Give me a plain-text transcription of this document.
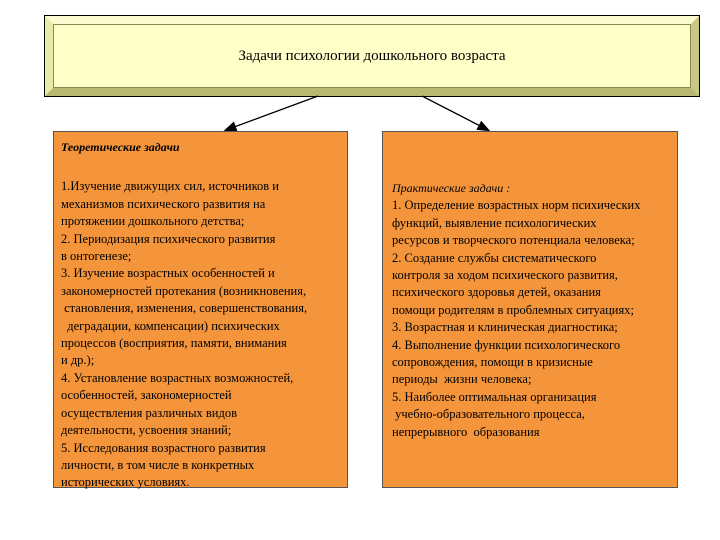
Задачи психологии дошкольного возраста
Теоретические задачи
1.Изучение движущих сил, источников и
механизмов психического развития на
протяжении дошкольного детства;
2. Периодизация психического развития
в онтогенезе;
3. Изучение возрастных особенностей и
закономерностей протекания (возникновения,
становления, изменения, совершенствования,
деградации, компенсации) психических
процессов (восприятия, памяти, внимания
и др.);
4. Установление возрастных возможностей,
особенностей, закономерностей
осуществления различных видов
деятельности, усвоения знаний;
5. Исследования возрастного развития
личности, в том числе в конкретных
исторических условиях.
Практические задачи :
1. Определение возрастных норм психических
функций, выявление психологических
ресурсов и творческого потенциала человека;
2. Создание службы систематического
контроля за ходом психического развития,
психического здоровья детей, оказания
помощи родителям в проблемных ситуациях;
3. Возрастная и клиническая диагностика;
4. Выполнение функции психологического
сопровождения, помощи в кризисные
периоды  жизни человека;
5. Наиболее оптимальная организация
учебно-образовательного процесса,
непрерывного  образования
